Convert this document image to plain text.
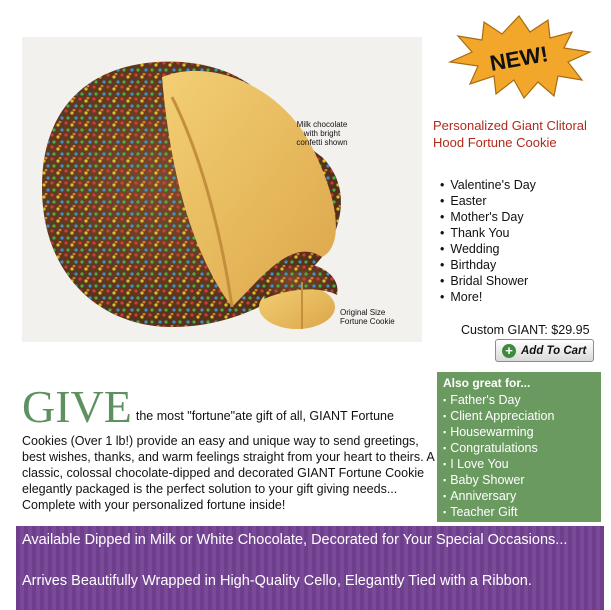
Milk chocolate with bright confetti shown
Original Size Fortune Cookie
NEW!
Personalized Giant Clitoral Hood Fortune Cookie
• Valentine's Day
• Easter
• Mother's Day
• Thank You
• Wedding
• Birthday
• Bridal Shower
• More!
Custom GIANT: $29.95
+ Add To Cart
Also great for...
▪ Father's Day
▪ Client Appreciation
▪ Housewarming
▪ Congratulations
▪ I Love You
▪ Baby Shower
▪ Anniversary
▪ Teacher Gift
GIVE the most "fortune"ate gift of all, GIANT Fortune
Cookies (Over 1 lb!) provide an easy and unique way to send greetings, best wishes, thanks, and warm feelings straight from your heart to theirs. A classic, colossal chocolate-dipped and decorated GIANT Fortune Cookie elegantly packaged is the perfect solution to your gift giving needs... Complete with your personalized fortune inside!

Available Dipped in Milk or White Chocolate, Decorated for Your Special Occasions...

Arrives Beautifully Wrapped in High-Quality Cello, Elegantly Tied with a Ribbon.
